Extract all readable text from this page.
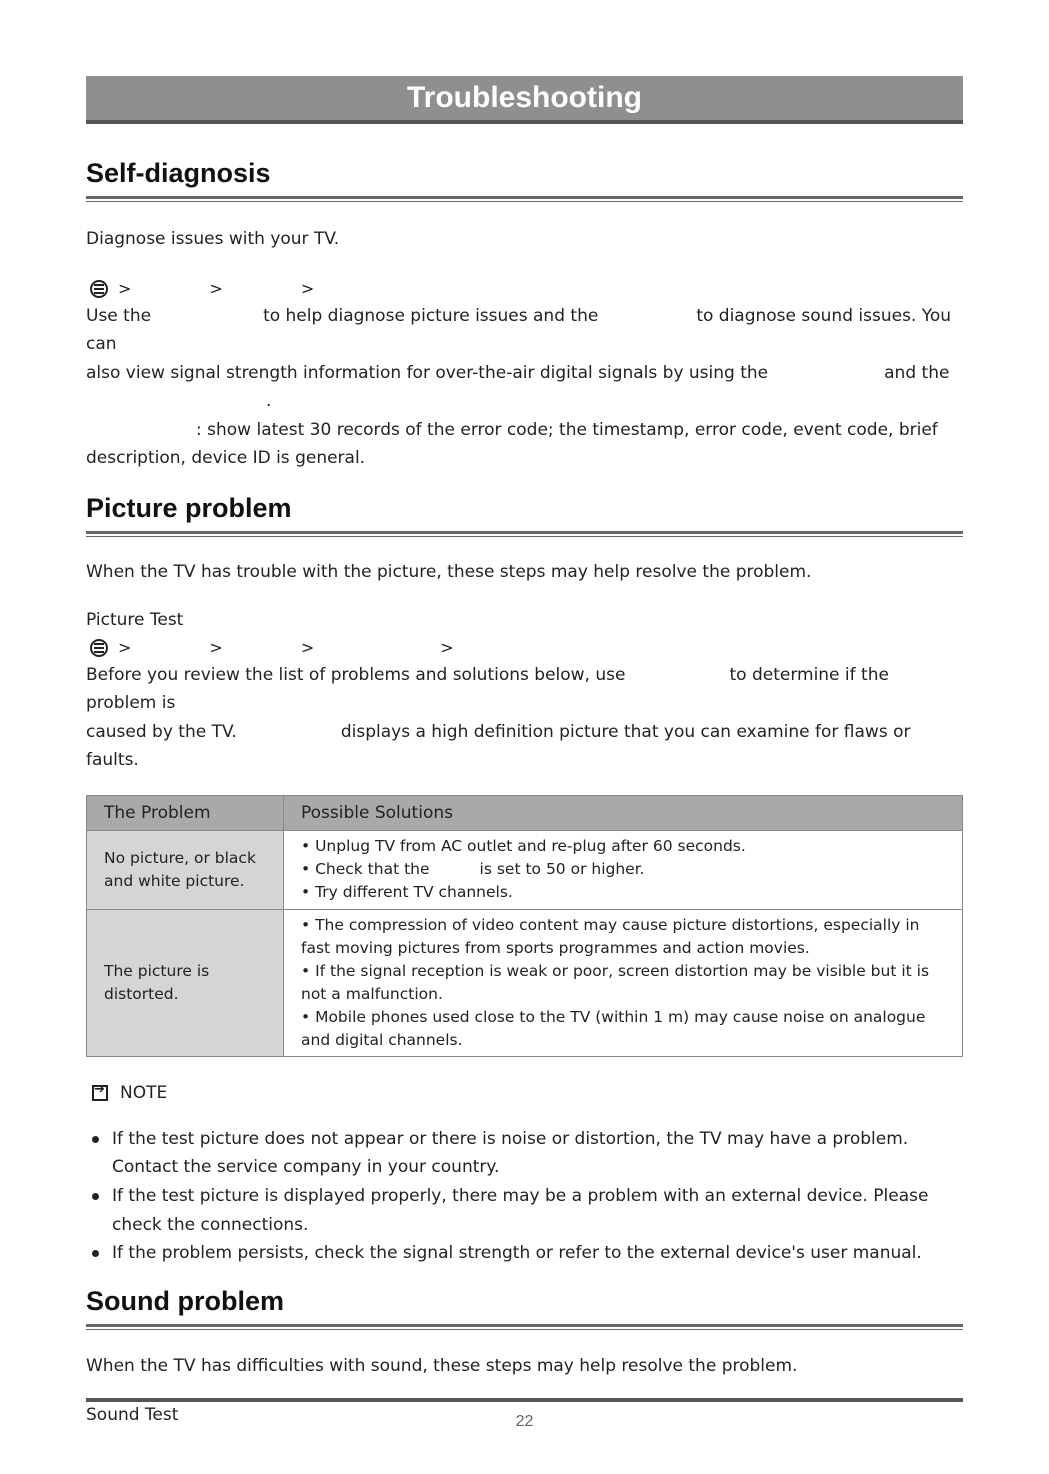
Troubleshooting
Self-diagnosis

Diagnose issues with your TV.

>	>	>

Use the	to help diagnose picture issues and the	to diagnose sound issues. You can
also view signal strength information for over-the-air digital signals by using the	and the
.

: show latest 30 records of the error code; the timestamp, error code, event code, brief
description, device ID is general.

Picture problem

When the TV has trouble with the picture, these steps may help resolve the problem.

Picture Test

>	>	>	>

Before you review the list of problems and solutions below, use	to determine if the problem is
caused by the TV.	displays a high definition picture that you can examine for flaws or faults.

The Problem	Possible Solutions
No picture, or black and white picture.	• Unplug TV from AC outlet and re-plug after 60 seconds.
• Check that the is set to 50 or higher.
• Try different TV channels.

The picture is distorted.	• The compression of video content may cause picture distortions, especially in fast moving pictures from sports programmes and action movies.
• If the signal reception is weak or poor, screen distortion may be visible but it is not a malfunction.
• Mobile phones used close to the TV (within 1 m) may cause noise on analogue and digital channels.
➔
NOTE
If the test picture does not appear or there is noise or distortion, the TV may have a problem. Contact the service company in your country.
If the test picture is displayed properly, there may be a problem with an external device. Please check the connections.
If the problem persists, check the signal strength or refer to the external device's user manual.
Sound problem

When the TV has difficulties with sound, these steps may help resolve the problem.

Sound Test	22
